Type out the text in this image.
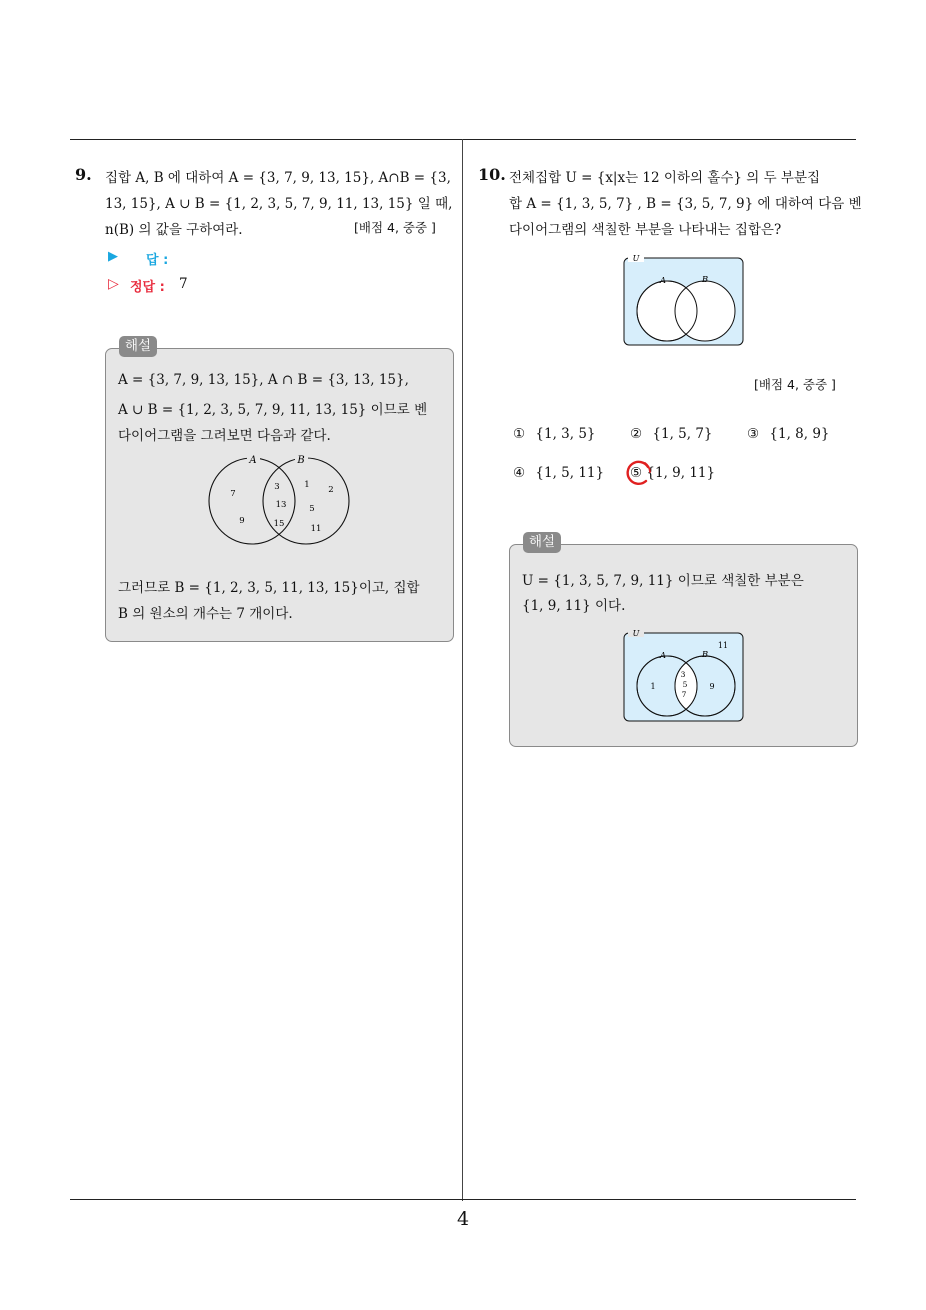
4
9. 집합 A, B 에 대하여 A = {3, 7, 9, 13, 15}, A∩B = {3,
13, 15}, A ∪ B = {1, 2, 3, 5, 7, 9, 11, 13, 15} 일 때,
n(B) 의 값을 구하여라.	[배점 4, 중중 ]
▶ 답 :
▷ 정답 : 7
해설
A = {3, 7, 9, 13, 15}, A ∩ B = {3, 13, 15},
A ∪ B = {1, 2, 3, 5, 7, 9, 11, 13, 15} 이므로 벤
다이어그램을 그려보면 다음과 같다.
A	B
7
9
3
13
15
1 2
5
11
그러므로 B = {1, 2, 3, 5, 11, 13, 15}이고, 집합
B 의 원소의 개수는 7 개이다.
10. 전체집합 U = {x|x는 12 이하의 홀수} 의 두 부분집
합 A = {1, 3, 5, 7} , B = {3, 5, 7, 9} 에 대하여 다음 벤
다이어그램의 색칠한 부분을 나타내는 집합은?
U
A	B
[배점 4, 중중 ]
① {1, 3, 5}	② {1, 5, 7}	③ {1, 8, 9}
④ {1, 5, 11} ⑤ {1, 9, 11}
해설
U = {1, 3, 5, 7, 9, 11} 이므로 색칠한 부분은
{1, 9, 11} 이다.
U
11
A	B
1
3
5
7
9
